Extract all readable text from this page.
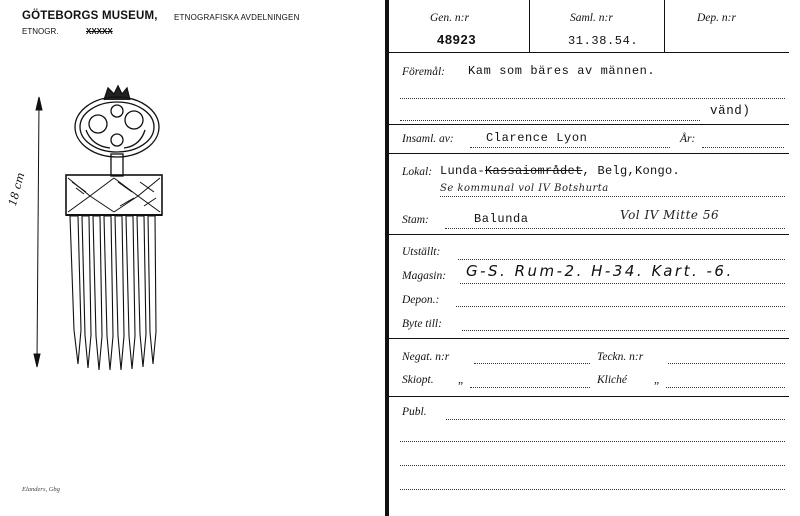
GÖTEBORGS MUSEUM, ETNOGRAFISKA AVDELNINGEN
ETNOGR.	XXXXX
18 cm
Elanders, Gbg
Gen. n:r
48923
Saml. n:r
31.38.54.
Dep. n:r
Föremål: Kam som bäres av männen.
vänd)
Insaml. av:	Clarence Lyon	År:
Lokal: Lunda-Kassaiområdet, Belg,Kongo.
Se kommunal vol IV Botshurta
Stam:	Balunda	Vol IV Mitte 56
Utställt:
Magasin: G-S. Rum-2. H-34. Kart. -6.
Depon.:
Byte till:
Negat. n:r	Teckn. n:r
Skiopt. „	Kliché „
Publ.
